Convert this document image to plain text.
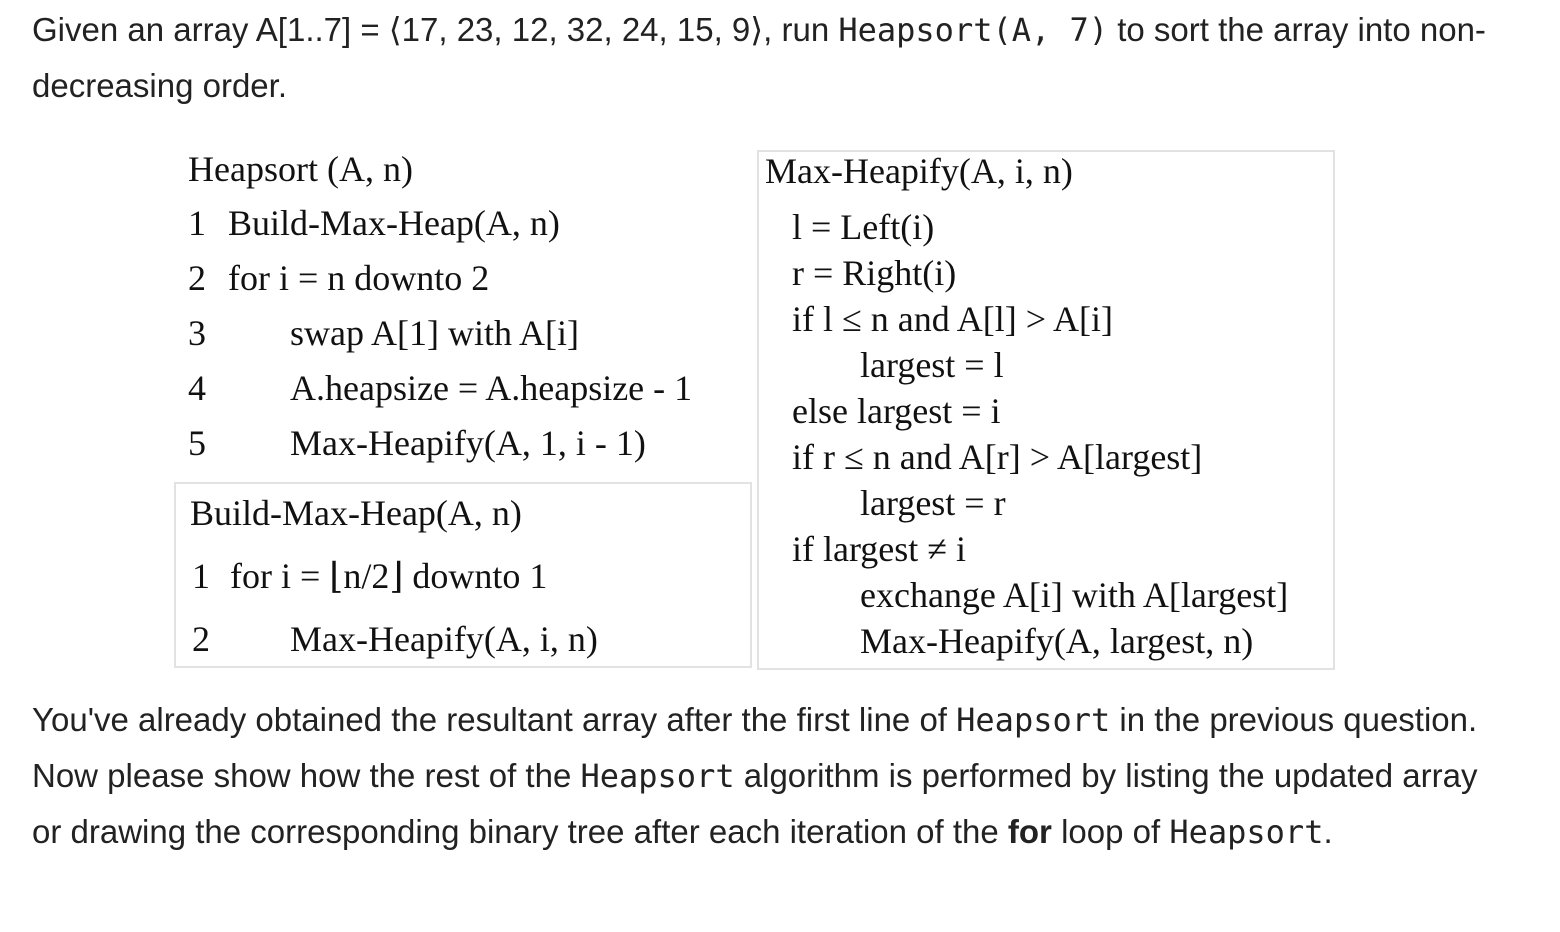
Given an array A[1..7] = ⟨17, 23, 12, 32, 24, 15, 9⟩, run Heapsort(A, 7) to sort the array into non-decreasing order.

Heapsort (A, n)
1 Build-Max-Heap(A, n)
2 for i = n downto 2
3 swap A[1] with A[i]
4 A.heapsize = A.heapsize - 1
5 Max-Heapify(A, 1, i - 1)
Build-Max-Heap(A, n)
1 for i = ⌊n/2⌋ downto 1
2 Max-Heapify(A, i, n)
Max-Heapify(A, i, n)
l = Left(i)
r = Right(i)
if l ≤ n and A[l] > A[i]
largest = l
else largest = i
if r ≤ n and A[r] > A[largest]
largest = r
if largest ≠ i
exchange A[i] with A[largest]
Max-Heapify(A, largest, n)

You've already obtained the resultant array after the first line of Heapsort in the previous question. Now please show how the rest of the Heapsort algorithm is performed by listing the updated array or drawing the corresponding binary tree after each iteration of the for loop of Heapsort.
